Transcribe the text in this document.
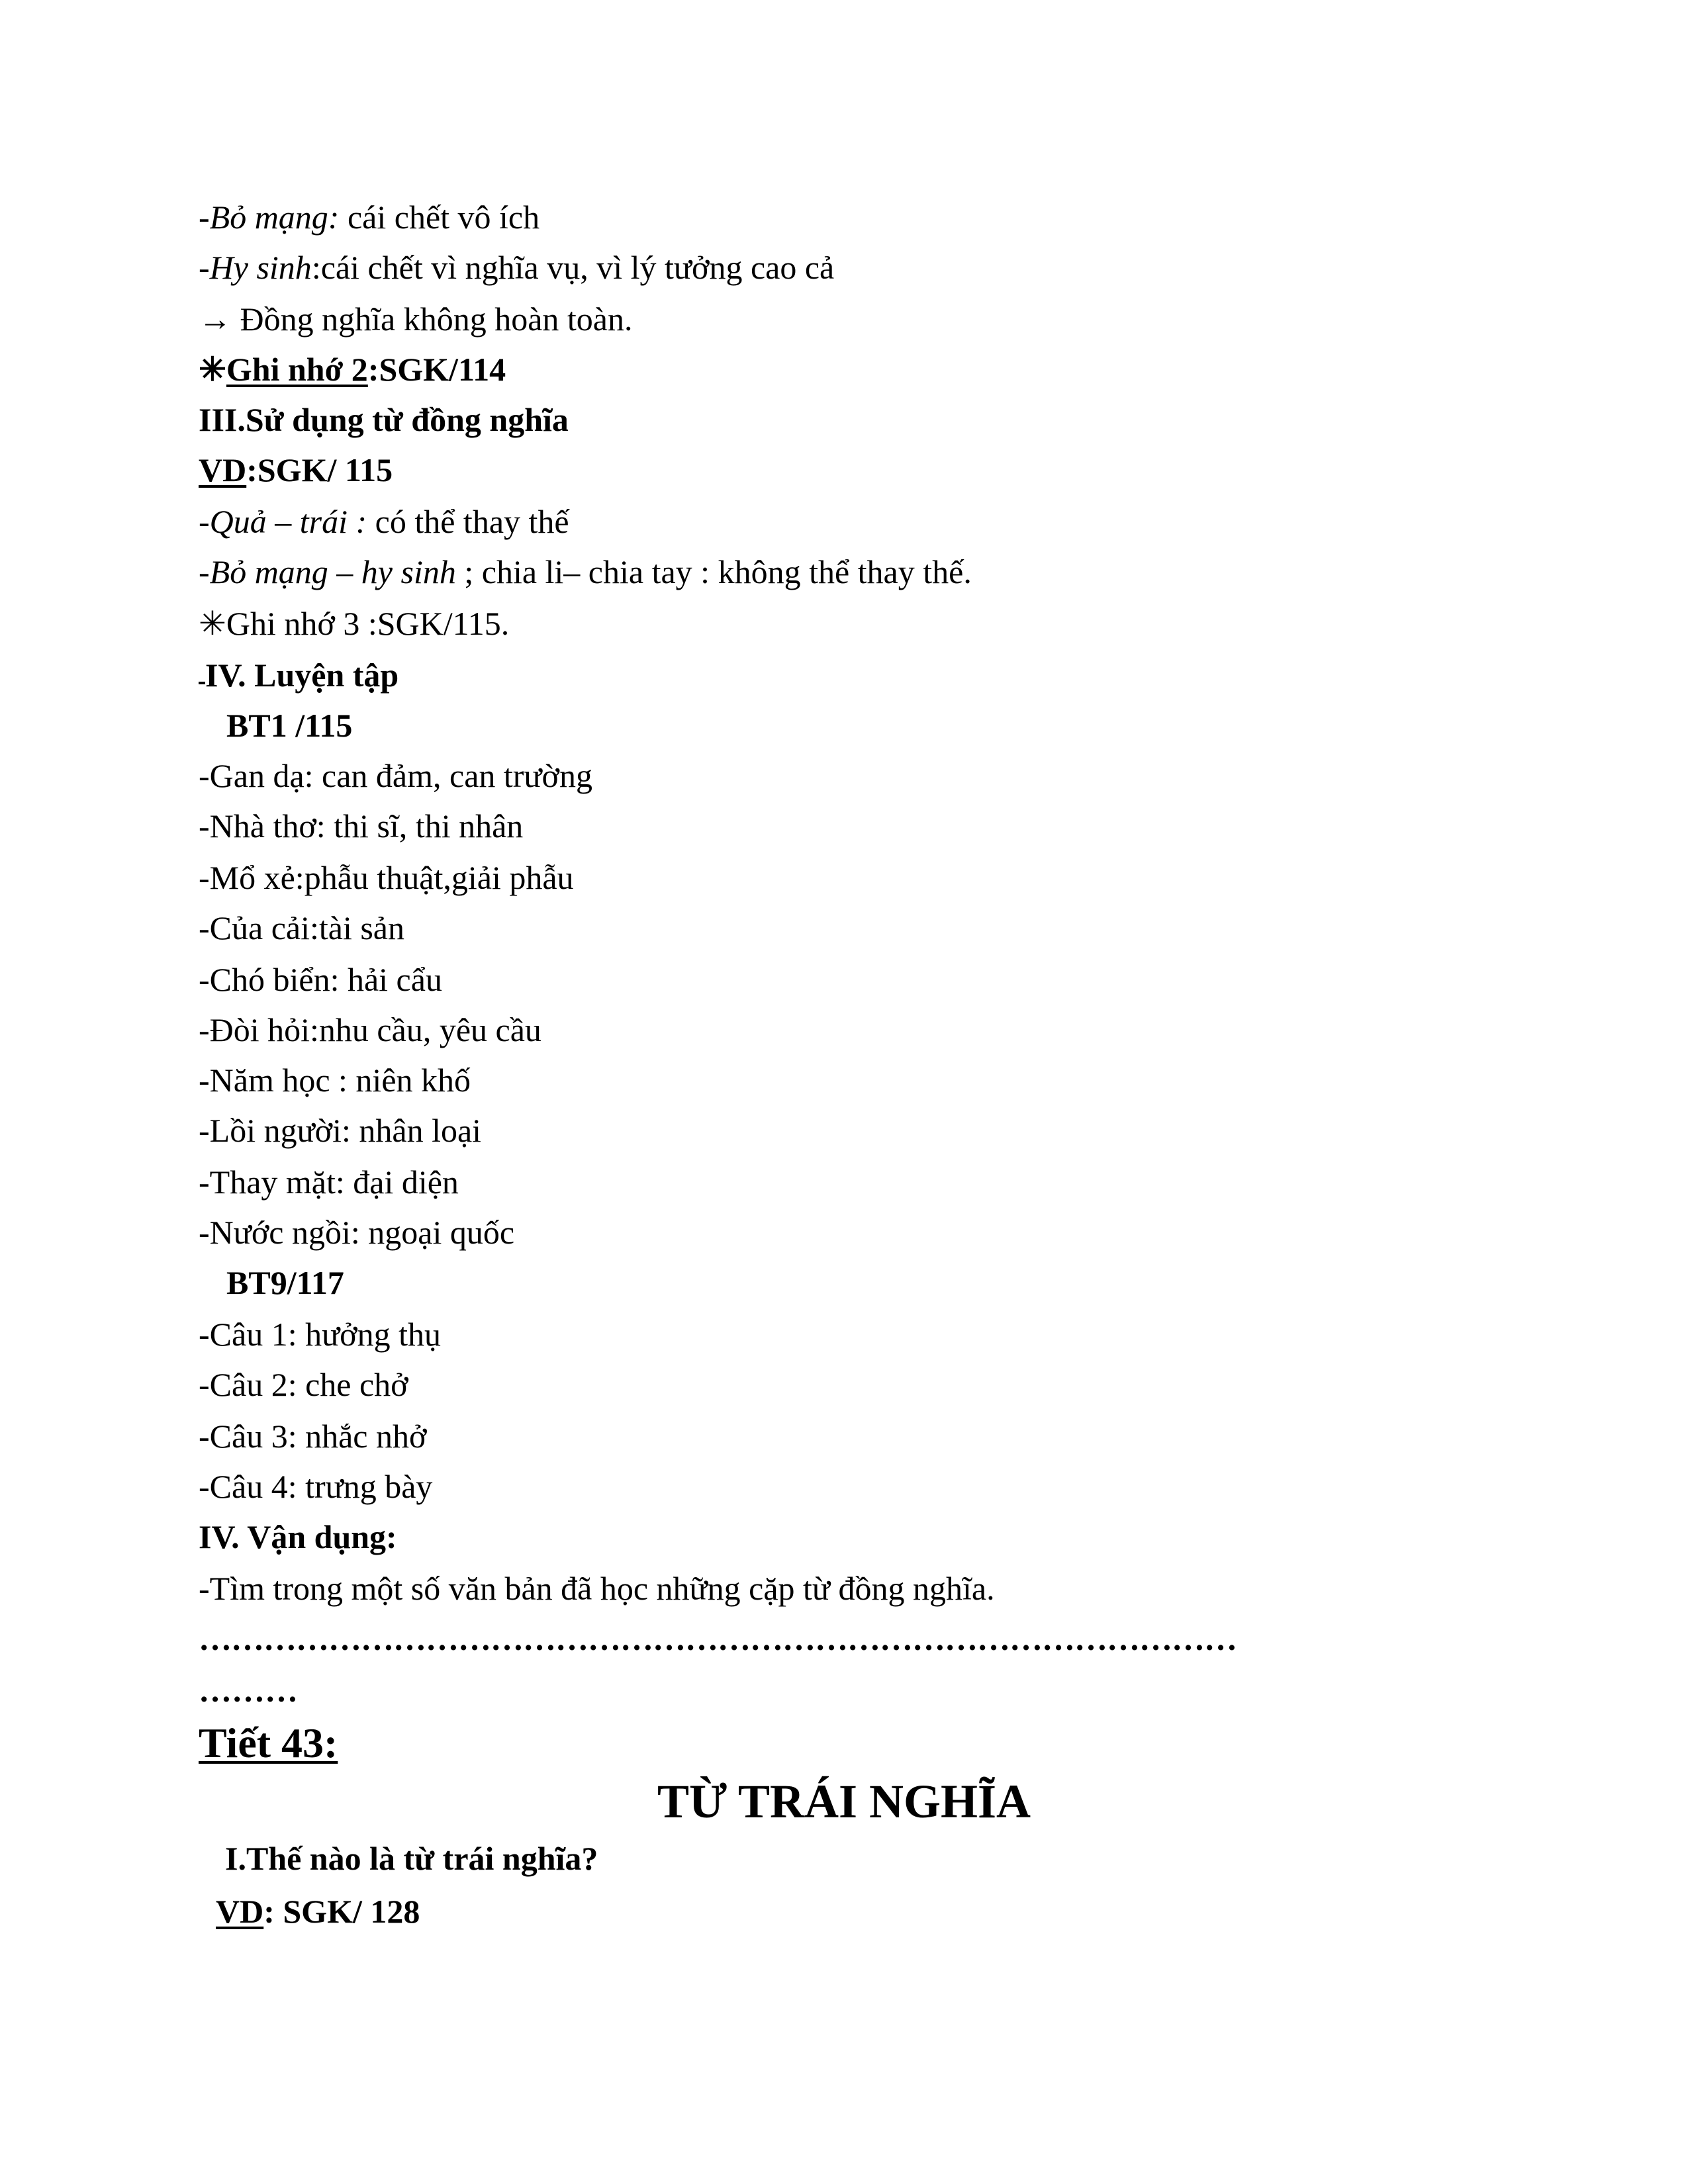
-Bỏ mạng: cái chết vô ích
-Hy sinh:cái chết vì nghĩa vụ, vì lý tưởng cao cả
→ Đồng nghĩa không hoàn toàn.
✳Ghi nhớ 2:SGK/114
III.Sử dụng từ đồng nghĩa
VD:SGK/ 115
-Quả – trái : có thể thay thế
-Bỏ mạng – hy sinh ; chia li– chia tay : không thể thay thế.
✳Ghi nhớ 3 :SGK/115.
IV. Luyện tập
BT1 /115
-Gan dạ: can đảm, can trường
-Nhà thơ: thi sĩ, thi nhân
-Mổ xẻ:phẫu thuật,giải phẫu
-Của cải:tài sản
-Chó biển: hải cẩu
-Đòi hỏi:nhu cầu, yêu cầu
-Năm học : niên khố
-Lồi người: nhân loại
-Thay mặt: đại diện
-Nước ngồi: ngoại quốc
BT9/117
-Câu 1: hưởng thụ
-Câu 2: che chở
-Câu 3: nhắc nhở
-Câu 4: trưng bày
IV. Vận dụng:
-Tìm trong một số văn bản đã học những cặp từ đồng nghĩa.
……………………………………………………………………………………
………
Tiết 43:
TỪ TRÁI NGHĨA
I.Thế nào là từ trái nghĩa?
VD: SGK/ 128
